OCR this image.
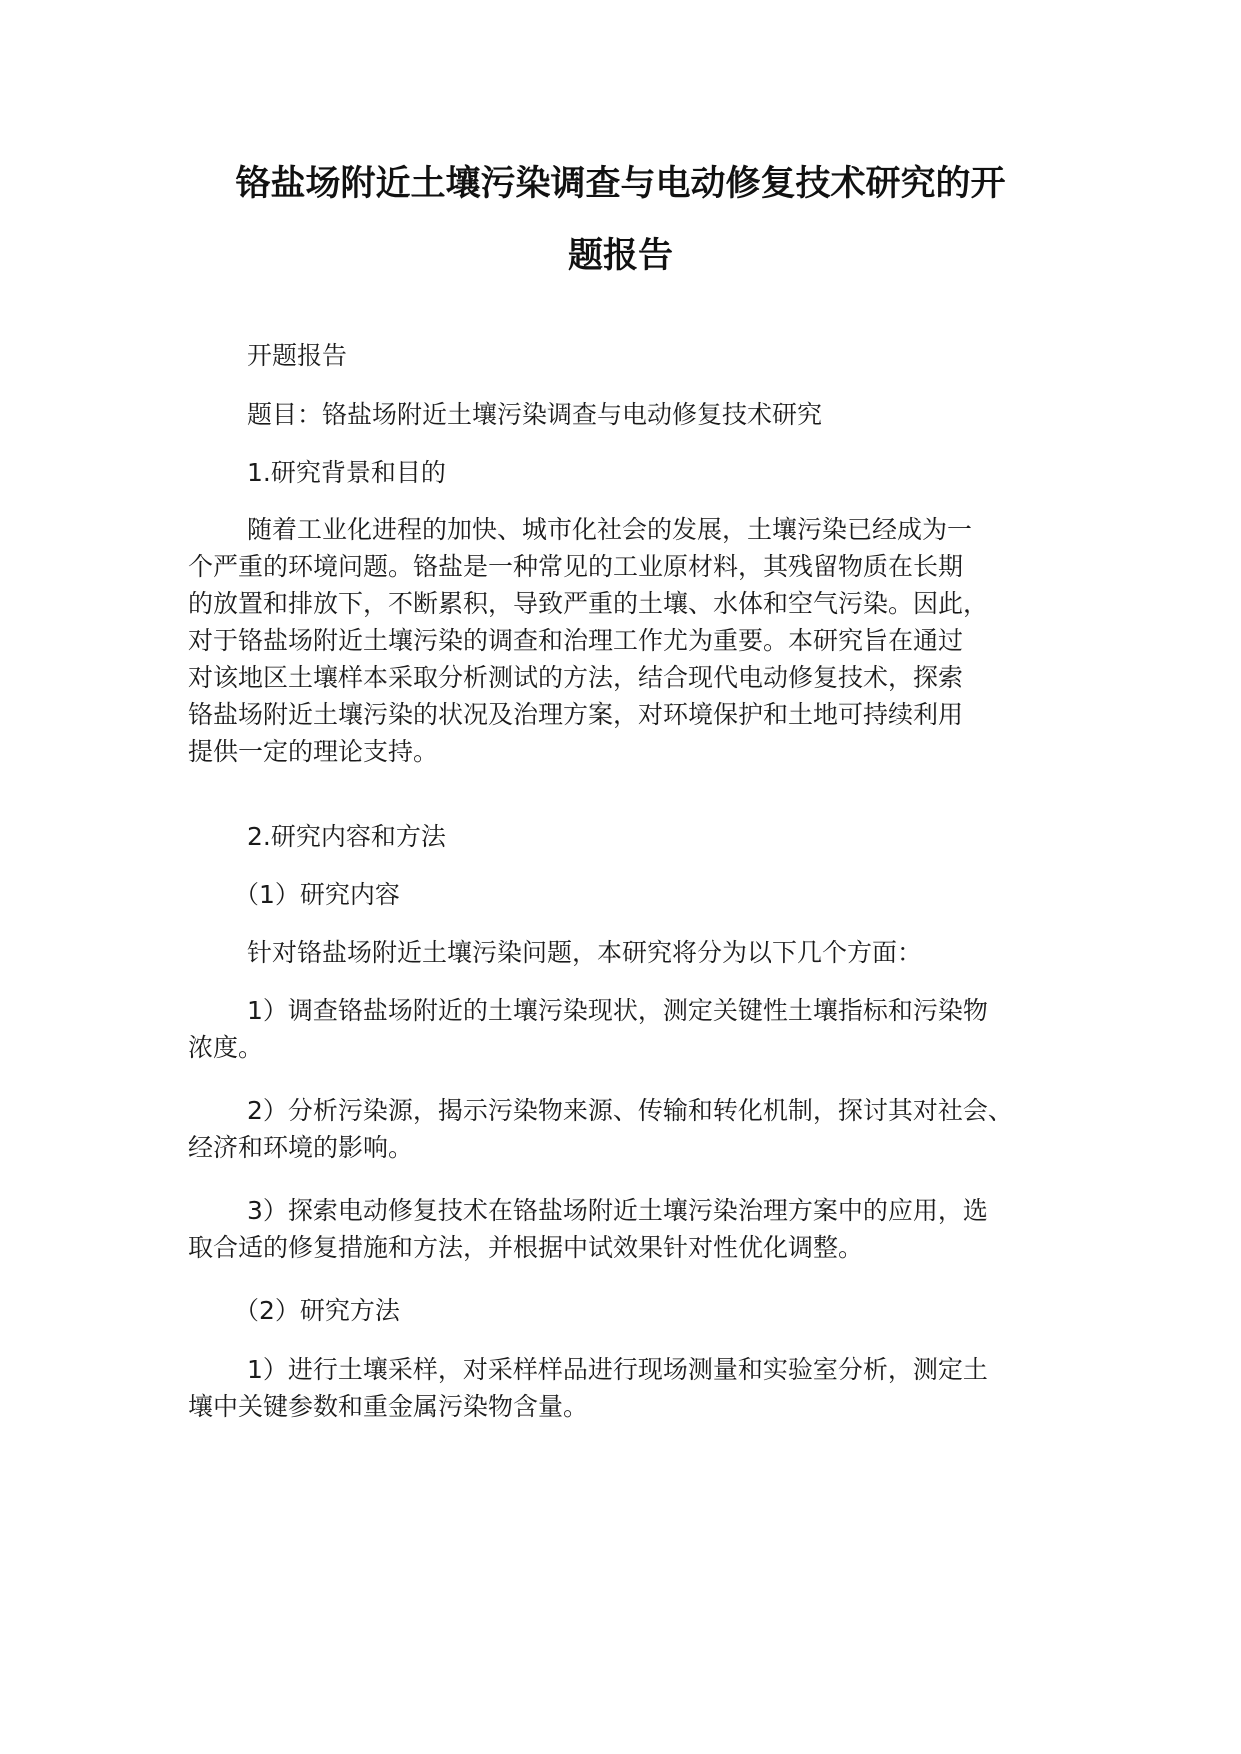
铬盐场附近土壤污染调查与电动修复技术研究的开
题报告

开题报告

题目：铬盐场附近土壤污染调查与电动修复技术研究

1.研究背景和目的

随着工业化进程的加快、城市化社会的发展，土壤污染已经成为一
个严重的环境问题。铬盐是一种常见的工业原材料，其残留物质在长期
的放置和排放下，不断累积，导致严重的土壤、水体和空气污染。因此，
对于铬盐场附近土壤污染的调查和治理工作尤为重要。本研究旨在通过
对该地区土壤样本采取分析测试的方法，结合现代电动修复技术，探索
铬盐场附近土壤污染的状况及治理方案，对环境保护和土地可持续利用
提供一定的理论支持。

2.研究内容和方法

（1）研究内容

针对铬盐场附近土壤污染问题，本研究将分为以下几个方面：

1）调查铬盐场附近的土壤污染现状，测定关键性土壤指标和污染物
浓度。
2）分析污染源，揭示污染物来源、传输和转化机制，探讨其对社会、
经济和环境的影响。
3）探索电动修复技术在铬盐场附近土壤污染治理方案中的应用，选
取合适的修复措施和方法，并根据中试效果针对性优化调整。

（2）研究方法

1）进行土壤采样，对采样样品进行现场测量和实验室分析，测定土
壤中关键参数和重金属污染物含量。
